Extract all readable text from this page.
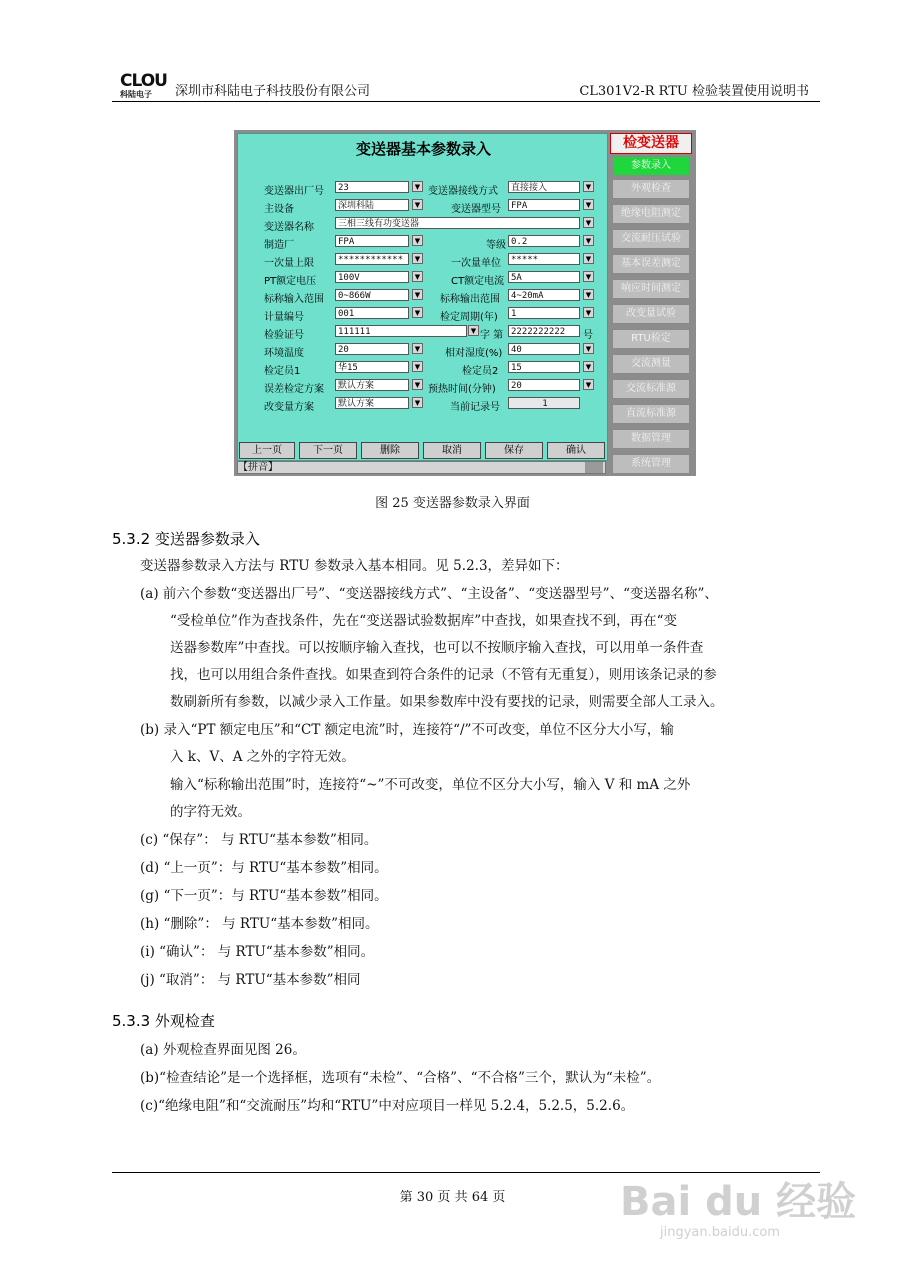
CLOU
科陆电子	深圳市科陆电子科技股份有限公司	CL301V2-R RTU 检验装置使用说明书
变送器基本参数录入
变送器出厂号	23	▼ 变送器接线方式	直接接入	▼
主设备	深圳科陆	▼	变送器型号	FPA	▼
变送器名称	三相三线有功变送器	▼
制造厂	FPA	▼	等级 0.2	▼
一次量上限	************	▼	一次量单位	*****	▼
PT额定电压	100V	▼	CT额定电流 5A	▼
标称输入范围	0~866W	▼ 标称输出范围	4~20mA	▼
计量编号	001	▼ 检定周期(年)	1	▼
检验证号	111111	▼ 字 第 2222222222	号
环境温度	20	▼ 相对湿度(%) 40	▼
检定员1	华15	▼	检定员2	15	▼
误差检定方案	默认方案	▼ 预热时间(分钟)	20	▼
改变量方案	默认方案	▼	当前记录号	1
上一页	下一页	删除	取消	保存	确认
【拼音】
检变送器
参数录入
外观检查
绝缘电阻测定
交流耐压试验
基本误差测定
响应时间测定
改变量试验
RTU检定
交流测量
交流标准源
直流标准源
数据管理
系统管理
图 25 变送器参数录入界面
5.3.2 变送器参数录入
变送器参数录入方法与 RTU 参数录入基本相同。见 5.2.3，差异如下：
(a) 前六个参数“变送器出厂号”、“变送器接线方式”、“主设备”、“变送器型号”、“变送器名称”、
“受检单位”作为查找条件，先在“变送器试验数据库”中查找，如果查找不到，再在“变
送器参数库”中查找。可以按顺序输入查找，也可以不按顺序输入查找，可以用单一条件查
找，也可以用组合条件查找。如果查到符合条件的记录（不管有无重复），则用该条记录的参
数刷新所有参数，以减少录入工作量。如果参数库中没有要找的记录，则需要全部人工录入。
(b) 录入“PT 额定电压”和“CT 额定电流”时，连接符“/”不可改变，单位不区分大小写，输
入 k、V、A 之外的字符无效。
输入“标称输出范围”时，连接符“~”不可改变，单位不区分大小写，输入 V 和 mA 之外
的字符无效。
(c) “保存”： 与 RTU“基本参数”相同。
(d) “上一页”：与 RTU“基本参数”相同。
(g) “下一页”：与 RTU“基本参数”相同。
(h) “删除”： 与 RTU“基本参数”相同。
(i) “确认”： 与 RTU“基本参数”相同。
(j) “取消”： 与 RTU“基本参数”相同
5.3.3 外观检查
(a) 外观检查界面见图 26。
(b)“检查结论”是一个选择框，选项有“未检”、“合格”、“不合格”三个，默认为“未检”。
(c)“绝缘电阻”和“交流耐压”均和“RTU”中对应项目一样见 5.2.4，5.2.5，5.2.6。
第 30 页 共 64 页	Bai du 经验
jingyan.baidu.com
